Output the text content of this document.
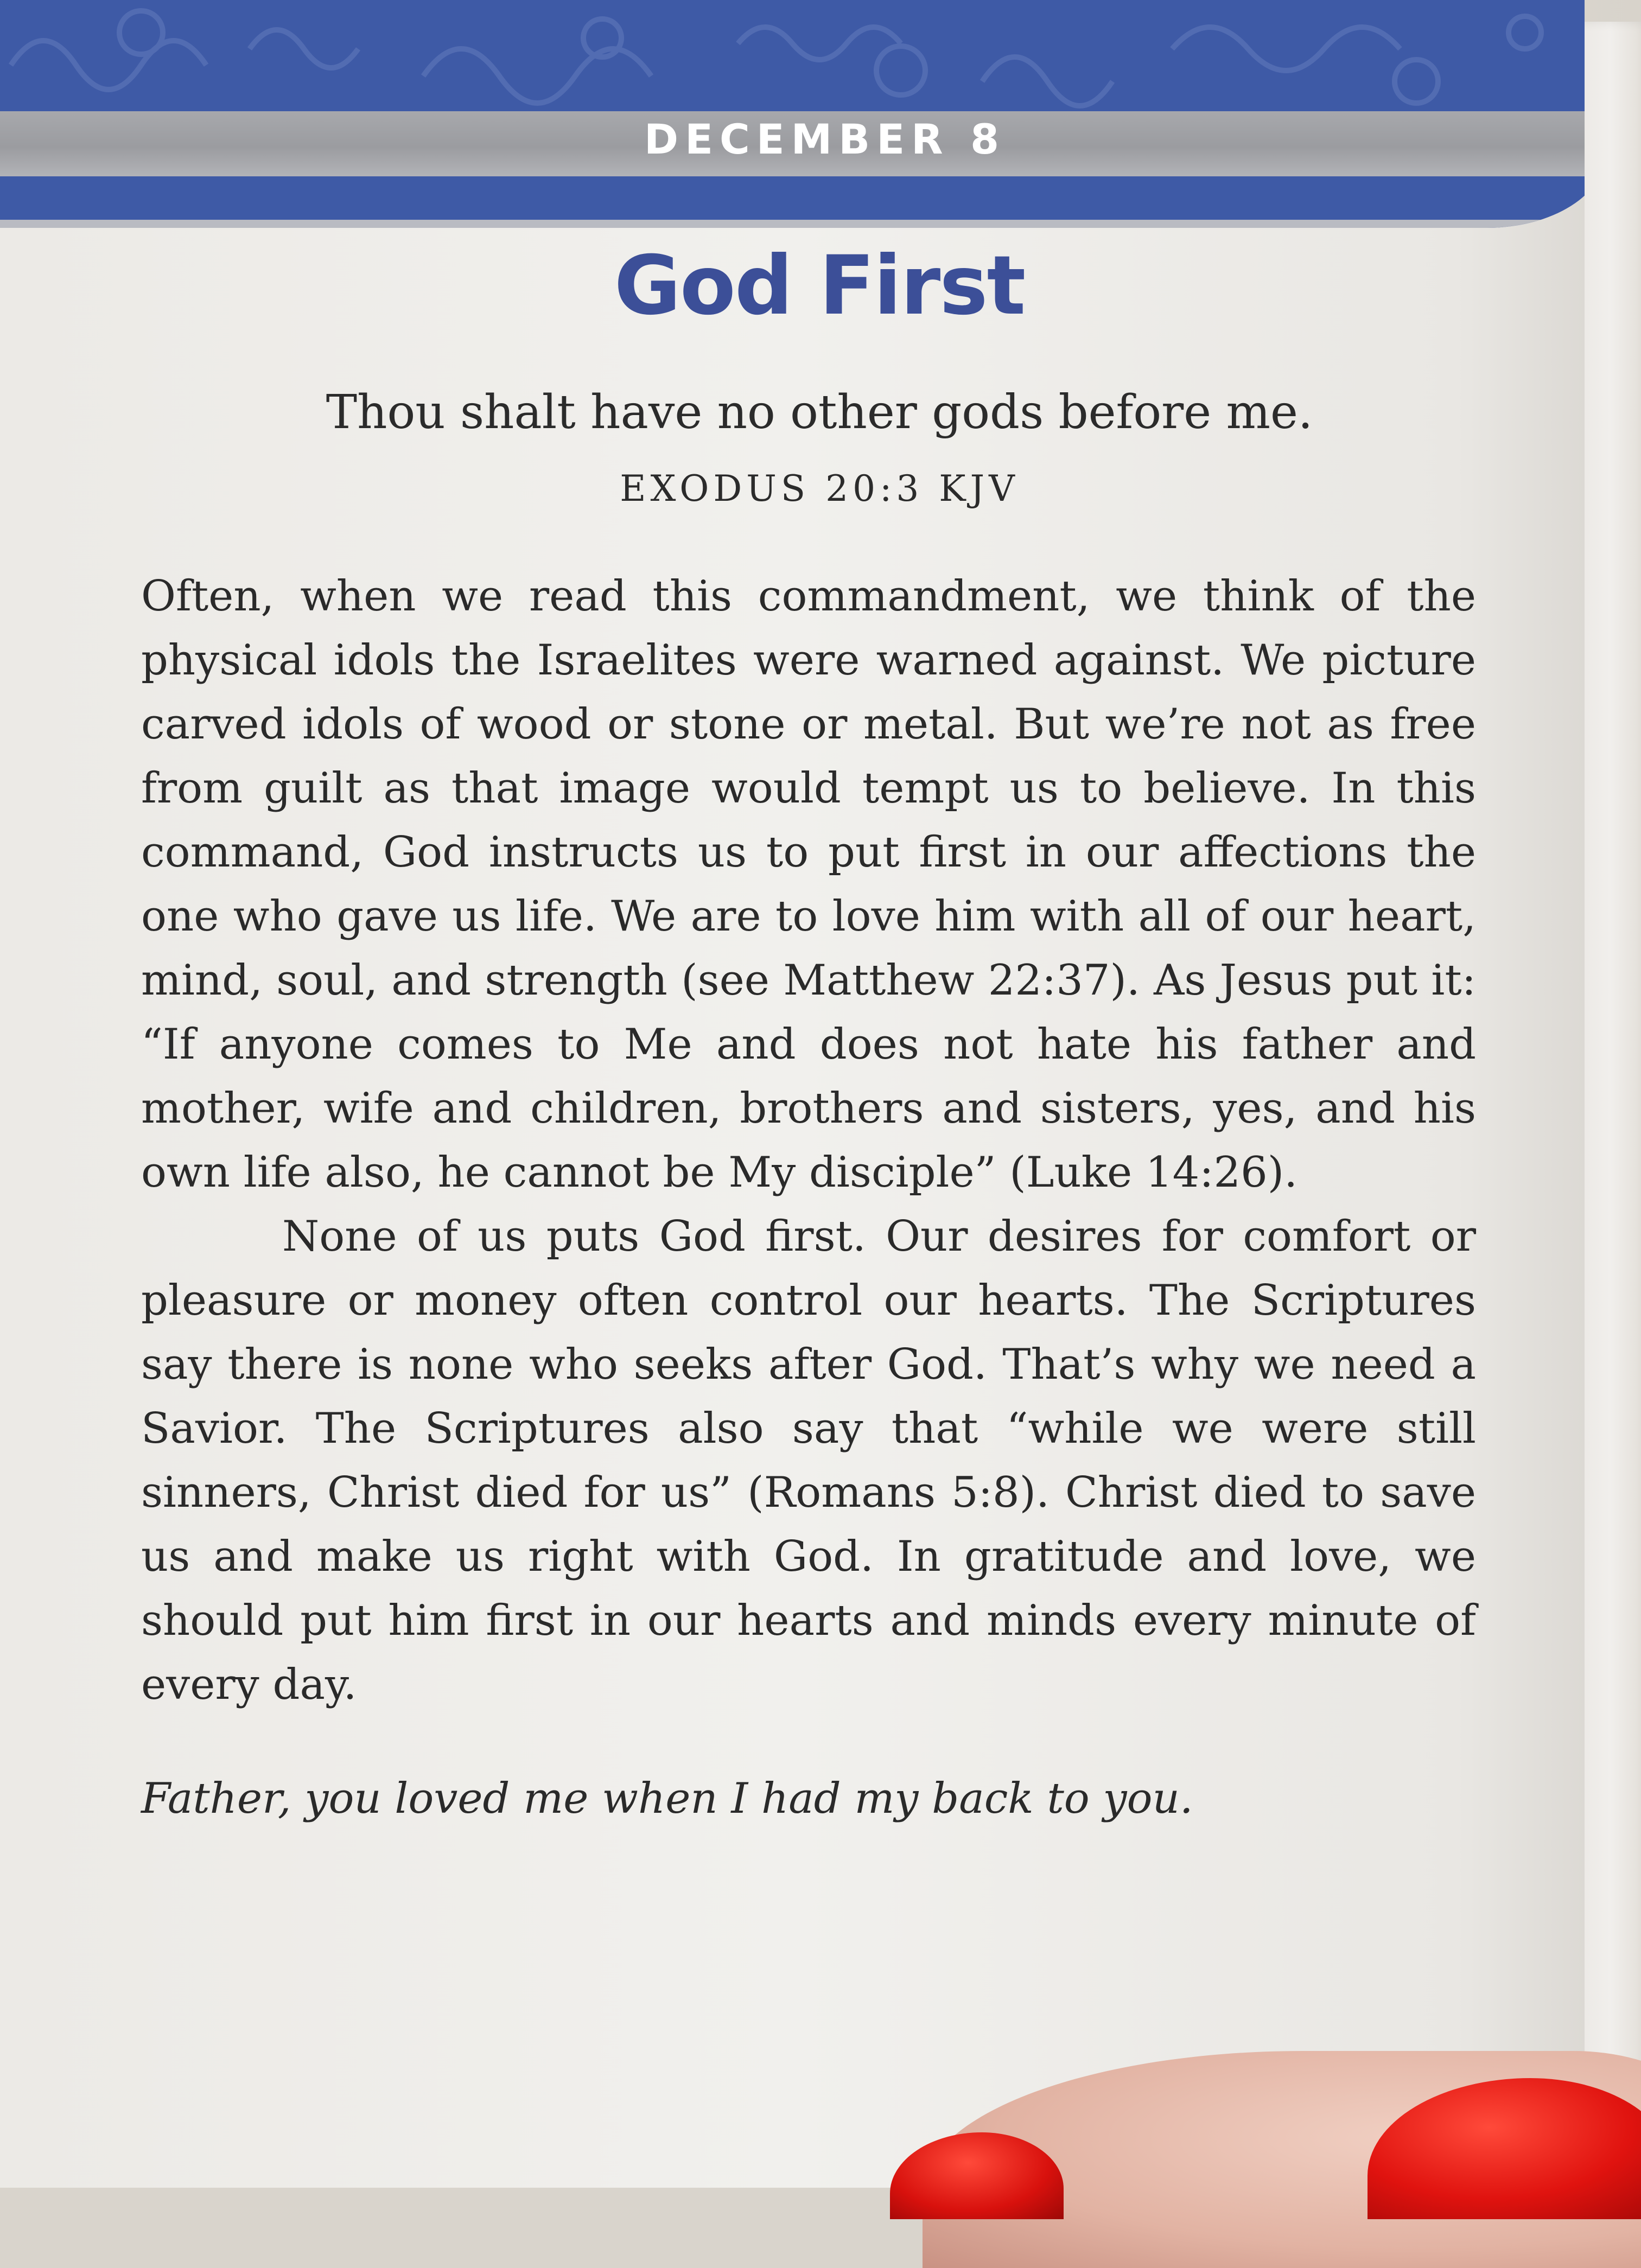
DECEMBER 8
God First
Thou shalt have no other gods before me.
EXODUS 20:3 KJV

Often, when we read this commandment, we think of the physical idols the Israelites were warned against. We picture carved idols of wood or stone or metal. But we’re not as free from guilt as that image would tempt us to believe. In this command, God instructs us to put first in our affections the one who gave us life. We are to love him with all of our heart, mind, soul, and strength (see Matthew 22:37). As Jesus put it: “If anyone comes to Me and does not hate his father and mother, wife and children, brothers and sisters, yes, and his own life also, he cannot be My disciple” (Luke 14:26).

None of us puts God first. Our desires for comfort or pleasure or money often control our hearts. The Scriptures say there is none who seeks after God. That’s why we need a Savior. The Scriptures also say that “while we were still sinners, Christ died for us” (Romans 5:8). Christ died to save us and make us right with God. In gratitude and love, we should put him first in our hearts and minds every minute of every day.

Father, you loved me when I had my back to you.
